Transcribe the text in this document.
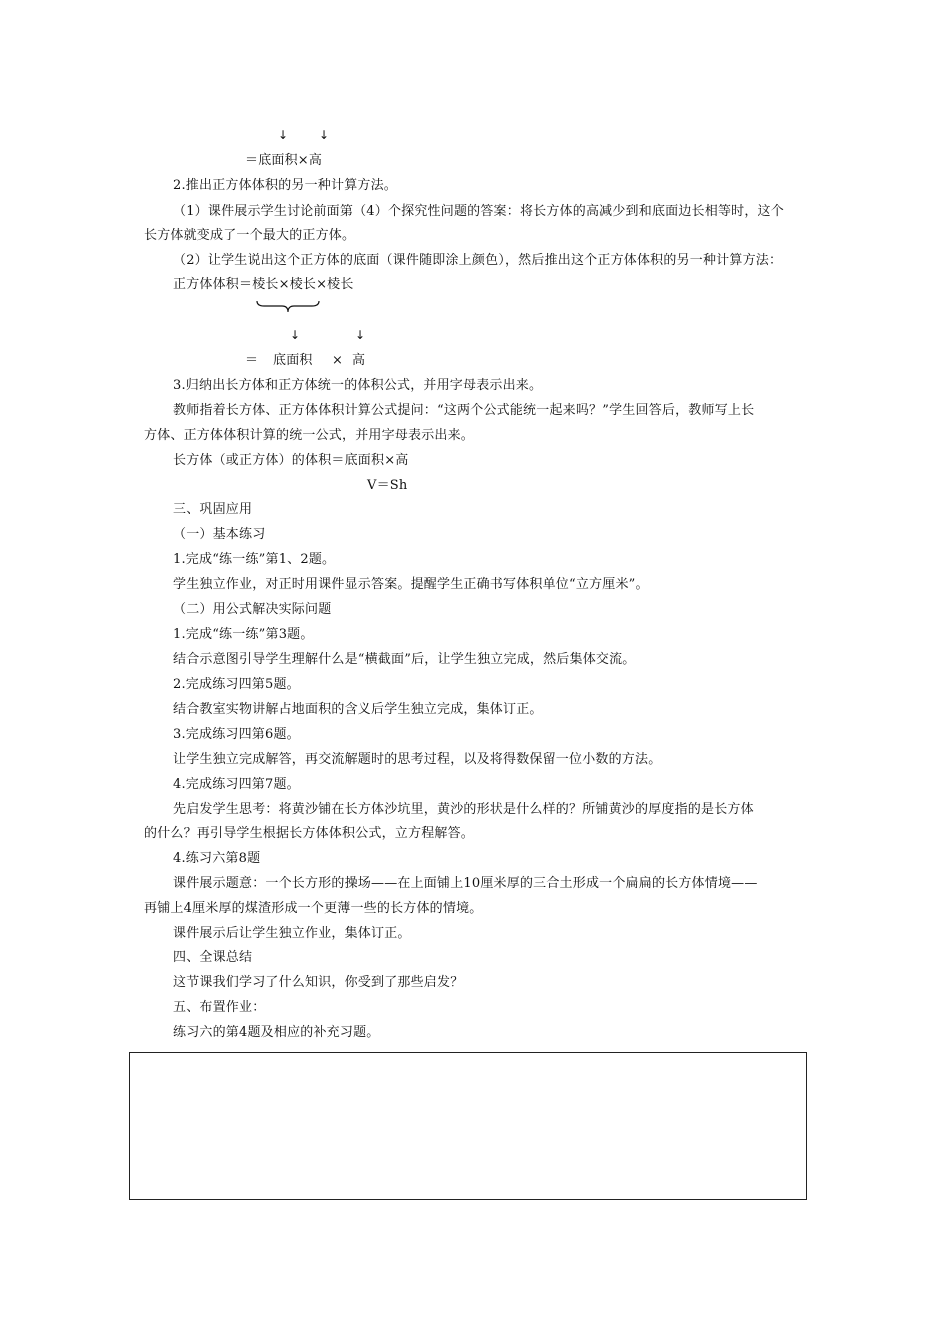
↓	↓
＝底面积×高
2.推出正方体体积的另一种计算方法。
（1）课件展示学生讨论前面第（4）个探究性问题的答案：将长方体的高减少到和底面边长相等时，这个
长方体就变成了一个最大的正方体。
（2）让学生说出这个正方体的底面（课件随即涂上颜色），然后推出这个正方体体积的另一种计算方法：
正方体体积＝棱长×棱长×棱长
↓	↓
＝ 底面积 × 高
3.归纳出长方体和正方体统一的体积公式，并用字母表示出来。
教师指着长方体、正方体体积计算公式提问：“这两个公式能统一起来吗？”学生回答后，教师写上长
方体、正方体体积计算的统一公式，并用字母表示出来。
长方体（或正方体）的体积＝底面积×高
V＝Sh
三、巩固应用
（一）基本练习
1.完成“练一练”第1、2题。
学生独立作业，对正时用课件显示答案。提醒学生正确书写体积单位“立方厘米”。
（二）用公式解决实际问题
1.完成“练一练”第3题。
结合示意图引导学生理解什么是“横截面”后，让学生独立完成，然后集体交流。
2.完成练习四第5题。
结合教室实物讲解占地面积的含义后学生独立完成，集体订正。
3.完成练习四第6题。
让学生独立完成解答，再交流解题时的思考过程，以及将得数保留一位小数的方法。
4.完成练习四第7题。
先启发学生思考：将黄沙铺在长方体沙坑里，黄沙的形状是什么样的？所铺黄沙的厚度指的是长方体
的什么？再引导学生根据长方体体积公式，立方程解答。
4.练习六第8题
课件展示题意：一个长方形的操场——在上面铺上10厘米厚的三合土形成一个扁扁的长方体情境——
再铺上4厘米厚的煤渣形成一个更薄一些的长方体的情境。
课件展示后让学生独立作业，集体订正。
四、全课总结
这节课我们学习了什么知识，你受到了那些启发？
五、布置作业：
练习六的第4题及相应的补充习题。
